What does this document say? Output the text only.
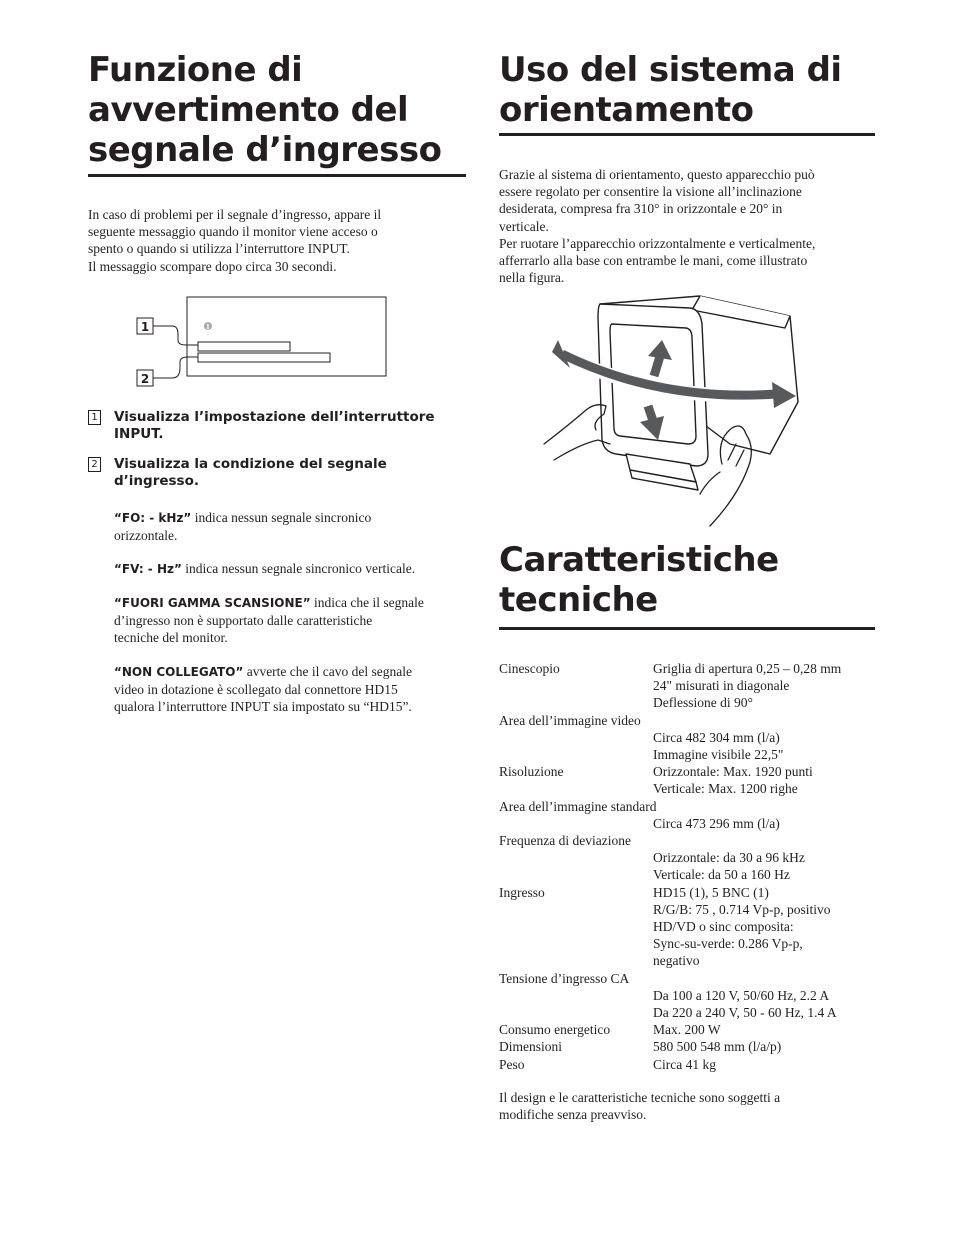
Funzione di
avvertimento del
segnale d’ingresso

In caso di problemi per il segnale d’ingresso, appare il
seguente messaggio quando il monitor viene acceso o
spento o quando si utilizza l’interruttore INPUT.
Il messaggio scompare dopo circa 30 secondi.

1
2
i
1 Visualizza l’impostazione dell’interruttore
INPUT.
2 Visualizza la condizione del segnale
d’ingresso.
“FO: - kHz” indica nessun segnale sincronico
orizzontale.
“FV: - Hz” indica nessun segnale sincronico verticale.
“FUORI GAMMA SCANSIONE” indica che il segnale
d’ingresso non è supportato dalle caratteristiche
tecniche del monitor.
“NON COLLEGATO” avverte che il cavo del segnale
video in dotazione è scollegato dal connettore HD15
qualora l’interruttore INPUT sia impostato su “HD15”.
Uso del sistema di
orientamento

Grazie al sistema di orientamento, questo apparecchio può
essere regolato per consentire la visione all’inclinazione
desiderata, compresa fra 310° in orizzontale e 20° in
verticale.
Per ruotare l’apparecchio orizzontalmente e verticalmente,
afferrarlo alla base con entrambe le mani, come illustrato
nella figura.

Caratteristiche
tecniche
Cinescopio	Griglia di apertura 0,25 – 0,28 mm
24" misurati in diagonale
Deflessione di 90°
Area dell’immagine video
Circa 482 304 mm (l/a)
Immagine visibile 22,5"
Risoluzione	Orizzontale: Max. 1920 punti
Verticale: Max. 1200 righe
Area dell’immagine standard
Circa 473 296 mm (l/a)
Frequenza di deviazione
Orizzontale: da 30 a 96 kHz
Verticale: da 50 a 160 Hz
Ingresso	HD15 (1), 5 BNC (1)
R/G/B: 75 , 0.714 Vp-p, positivo
HD/VD o sinc composita:
Sync-su-verde: 0.286 Vp-p,
negativo
Tensione d’ingresso CA
Da 100 a 120 V, 50/60 Hz, 2.2 A
Da 220 a 240 V, 50 - 60 Hz, 1.4 A
Consumo energetico	Max. 200 W
Dimensioni	580 500 548 mm (l/a/p)
Peso	Circa 41 kg

Il design e le caratteristiche tecniche sono soggetti a
modifiche senza preavviso.
